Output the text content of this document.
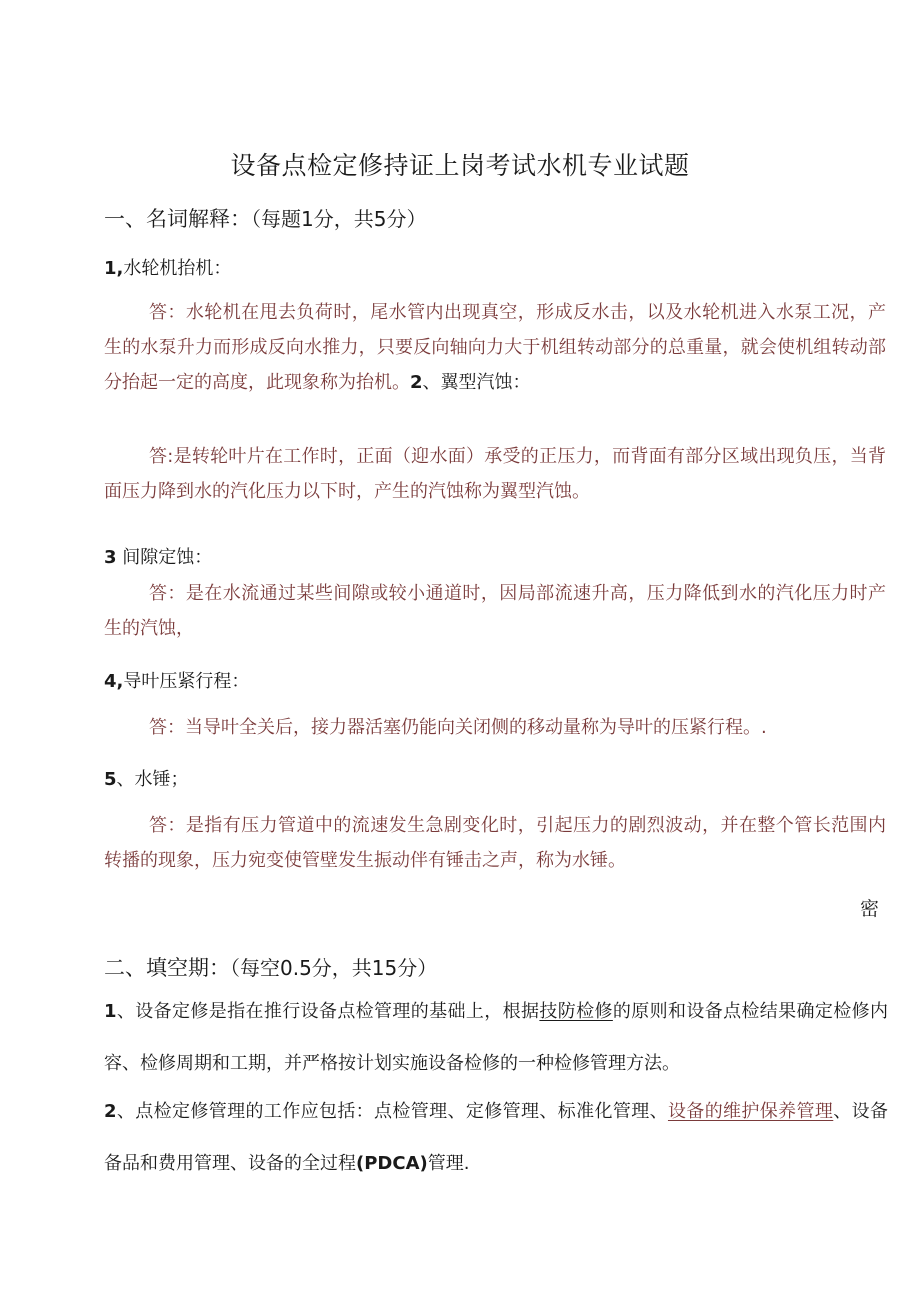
设备点检定修持证上岗考试水机专业试题
一、名词解释：（每题1分，共5分）
1,水轮机抬机：
答：水轮机在甩去负荷时，尾水管内出现真空，形成反水击，以及水轮机进入水泵工况，产生的水泵升力而形成反向水推力，只要反向轴向力大于机组转动部分的总重量，就会使机组转动部分抬起一定的高度，此现象称为抬机。2、翼型汽蚀：
答:是转轮叶片在工作时，正面（迎水面）承受的正压力，而背面有部分区域出现负压，当背面压力降到水的汽化压力以下时，产生的汽蚀称为翼型汽蚀。
3 间隙定蚀：
答：是在水流通过某些间隙或较小通道时，因局部流速升高，压力降低到水的汽化压力时产生的汽蚀，
4,导叶压紧行程：
答：当导叶全关后，接力器活塞仍能向关闭侧的移动量称为导叶的压紧行程。.
5、水锤；
答：是指有压力管道中的流速发生急剧变化时，引起压力的剧烈波动，并在整个管长范围内转播的现象，压力宛变使管壁发生振动伴有锤击之声，称为水锤。
密
二、填空期：（每空0.5分，共15分）
1、设备定修是指在推行设备点检管理的基础上，根据技防检修的原则和设备点检结果确定检修内容、检修周期和工期，并严格按计划实施设备检修的一种检修管理方法。
2、点检定修管理的工作应包括：点检管理、定修管理、标准化管理、设备的维护保养管理、设备备品和费用管理、设备的全过程(PDCA)管理.
